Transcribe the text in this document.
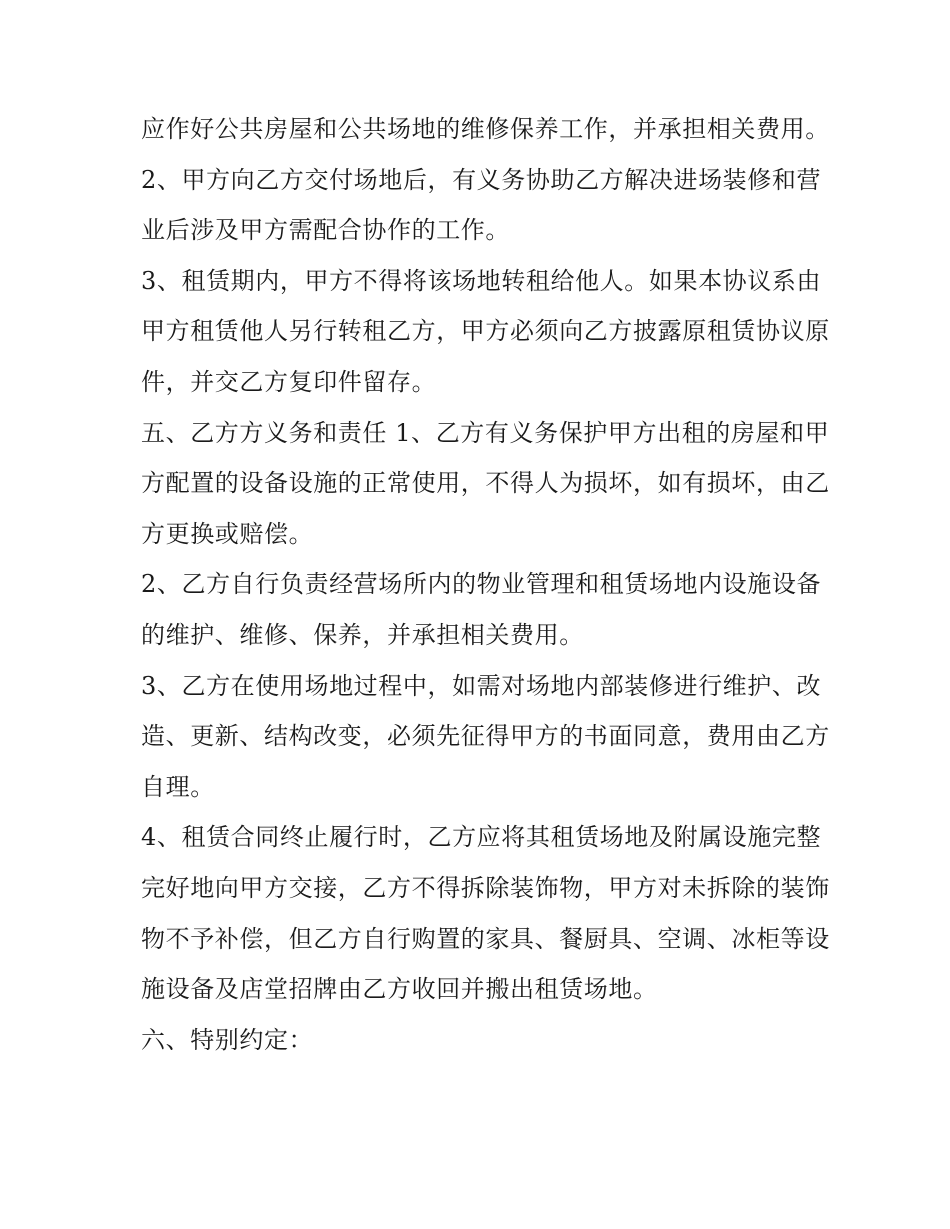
应作好公共房屋和公共场地的维修保养工作，并承担相关费用。

2、甲方向乙方交付场地后，有义务协助乙方解决进场装修和营业后涉及甲方需配合协作的工作。

3、租赁期内，甲方不得将该场地转租给他人。如果本协议系由甲方租赁他人另行转租乙方，甲方必须向乙方披露原租赁协议原件，并交乙方复印件留存。

五、乙方方义务和责任 1、乙方有义务保护甲方出租的房屋和甲方配置的设备设施的正常使用，不得人为损坏，如有损坏，由乙方更换或赔偿。

2、乙方自行负责经营场所内的物业管理和租赁场地内设施设备的维护、维修、保养，并承担相关费用。

3、乙方在使用场地过程中，如需对场地内部装修进行维护、改造、更新、结构改变，必须先征得甲方的书面同意，费用由乙方自理。

4、租赁合同终止履行时，乙方应将其租赁场地及附属设施完整完好地向甲方交接，乙方不得拆除装饰物，甲方对未拆除的装饰物不予补偿，但乙方自行购置的家具、餐厨具、空调、冰柜等设施设备及店堂招牌由乙方收回并搬出租赁场地。

六、特别约定：
